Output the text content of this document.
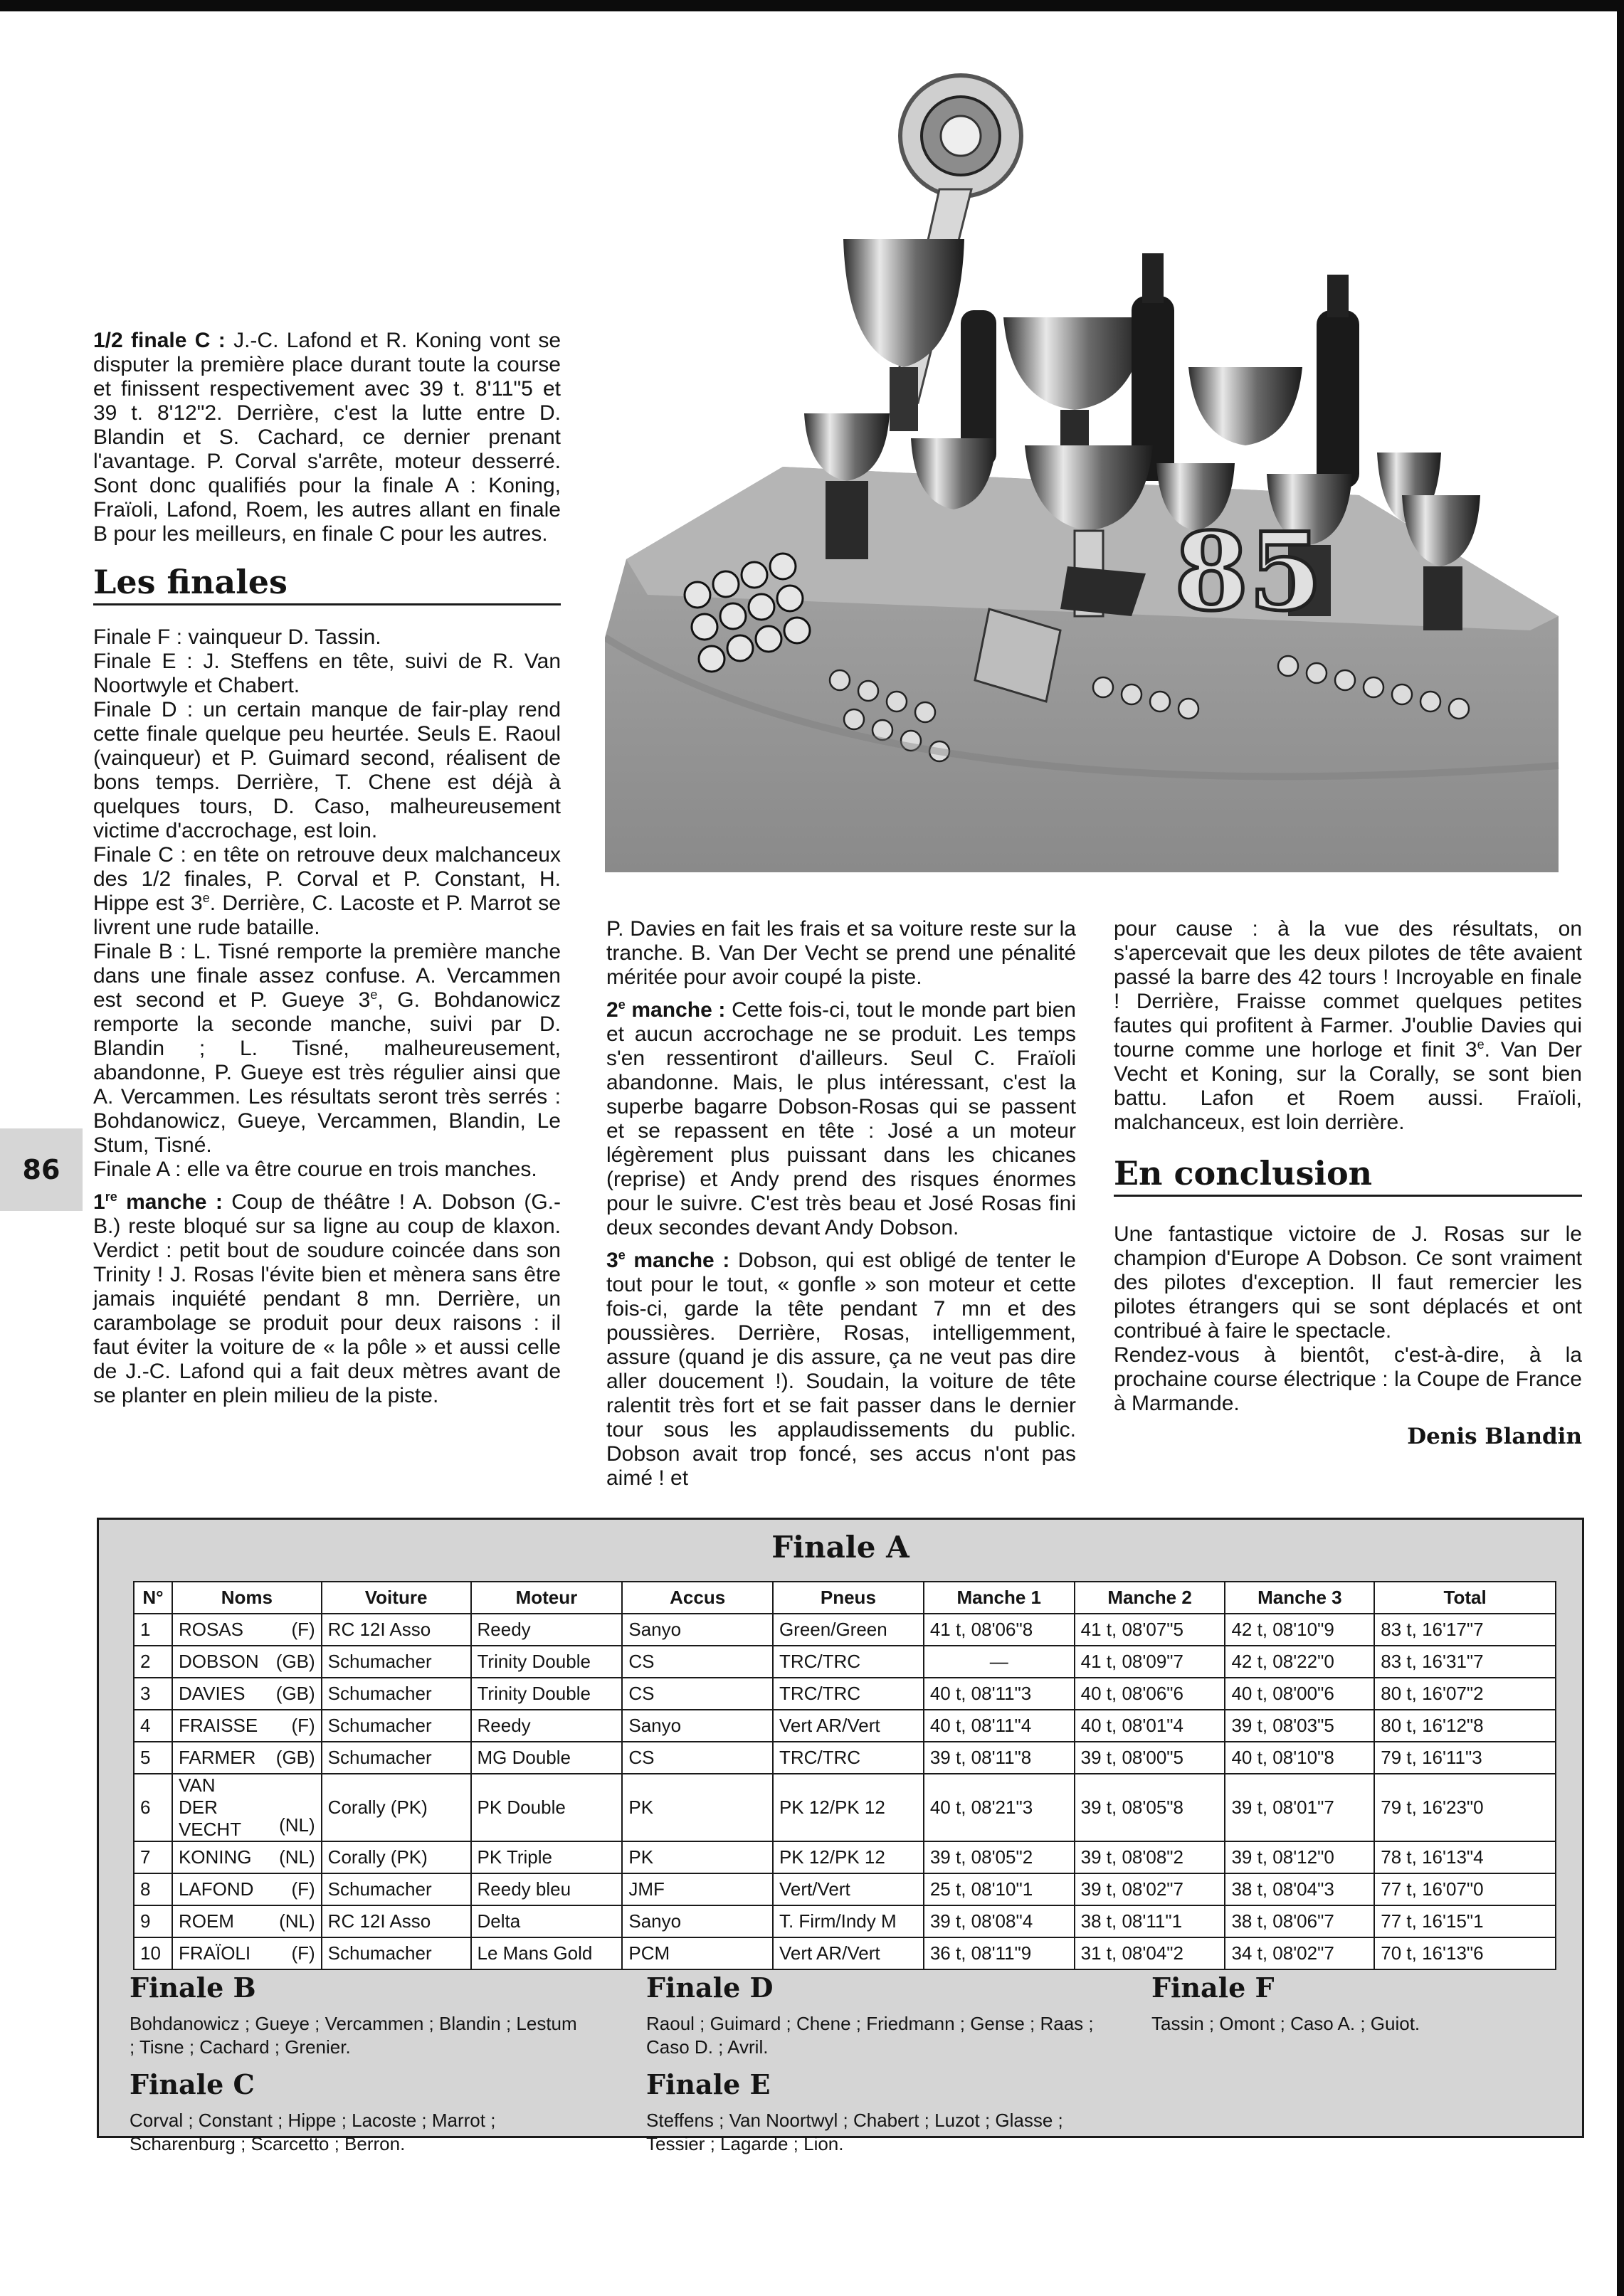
85
86

1/2 finale C : J.-C. Lafond et R. Koning vont se disputer la première place durant toute la course et finissent respectivement avec 39 t. 8'11"5 et 39 t. 8'12"2. Derrière, c'est la lutte entre D. Blandin et S. Cachard, ce dernier prenant l'avantage. P. Corval s'arrête, moteur desserré. Sont donc qualifiés pour la finale A : Koning, Fraïoli, Lafond, Roem, les autres allant en finale B pour les meilleurs, en finale C pour les autres.

Les finales

Finale F : vainqueur D. Tassin.

Finale E : J. Steffens en tête, suivi de R. Van Noortwyle et Chabert.

Finale D : un certain manque de fair-play rend cette finale quelque peu heurtée. Seuls E. Raoul (vainqueur) et P. Guimard second, réalisent de bons temps. Derrière, T. Chene est déjà à quelques tours, D. Caso, malheureusement victime d'accrochage, est loin.

Finale C : en tête on retrouve deux malchanceux des 1/2 finales, P. Corval et P. Constant, H. Hippe est 3e. Derrière, C. Lacoste et P. Marrot se livrent une rude bataille.

Finale B : L. Tisné remporte la première manche dans une finale assez confuse. A. Vercammen est second et P. Gueye 3e, G. Bohdanowicz remporte la seconde manche, suivi par D. Blandin ; L. Tisné, malheureusement, abandonne, P. Gueye est très régulier ainsi que A. Vercammen. Les résultats seront très serrés : Bohdanowicz, Gueye, Vercammen, Blandin, Le Stum, Tisné.

Finale A : elle va être courue en trois manches.

1re manche : Coup de théâtre ! A. Dobson (G.-B.) reste bloqué sur sa ligne au coup de klaxon. Verdict : petit bout de soudure coincée dans son Trinity ! J. Rosas l'évite bien et mènera sans être jamais inquiété pendant 8 mn. Derrière, un carambolage se produit pour deux raisons : il faut éviter la voiture de « la pôle » et aussi celle de J.-C. Lafond qui a fait deux mètres avant de se planter en plein milieu de la piste.

P. Davies en fait les frais et sa voiture reste sur la tranche. B. Van Der Vecht se prend une pénalité méritée pour avoir coupé la piste.

2e manche : Cette fois-ci, tout le monde part bien et aucun accrochage ne se produit. Les temps s'en ressentiront d'ailleurs. Seul C. Fraïoli abandonne. Mais, le plus intéressant, c'est la superbe bagarre Dobson-Rosas qui se passent et se repassent en tête : José a un moteur légèrement plus puissant dans les chicanes (reprise) et Andy prend des risques énormes pour le suivre. C'est très beau et José Rosas fini deux secondes devant Andy Dobson.

3e manche : Dobson, qui est obligé de tenter le tout pour le tout, « gonfle » son moteur et cette fois-ci, garde la tête pendant 7 mn et des poussières. Derrière, Rosas, intelligemment, assure (quand je dis assure, ça ne veut pas dire aller doucement !). Soudain, la voiture de tête ralentit très fort et se fait passer dans le dernier tour sous les applaudissements du public. Dobson avait trop foncé, ses accus n'ont pas aimé ! et

pour cause : à la vue des résultats, on s'apercevait que les deux pilotes de tête avaient passé la barre des 42 tours ! Incroyable en finale ! Derrière, Fraisse commet quelques petites fautes qui profitent à Farmer. J'oublie Davies qui tourne comme une horloge et finit 3e. Van Der Vecht et Koning, sur la Corally, se sont bien battu. Lafon et Roem aussi. Fraïoli, malchanceux, est loin derrière.

En conclusion

Une fantastique victoire de J. Rosas sur le champion d'Europe A Dobson. Ce sont vraiment des pilotes d'exception. Il faut remercier les pilotes étrangers qui se sont déplacés et ont contribué à faire le spectacle.

Rendez-vous à bientôt, c'est-à-dire, à la prochaine course électrique : la Coupe de France à Marmande.

Denis Blandin

Finale A
N°	Noms	Voiture	Moteur	Accus	Pneus	Manche 1	Manche 2	Manche 3	Total
1	ROSAS (F)	RC 12I Asso	Reedy	Sanyo	Green/Green	41 t, 08'06"8	41 t, 08'07"5	42 t, 08'10"9	83 t, 16'17"7
2	DOBSON (GB)	Schumacher	Trinity Double	CS	TRC/TRC	—	41 t, 08'09"7	42 t, 08'22"0	83 t, 16'31"7
3	DAVIES (GB)	Schumacher	Trinity Double	CS	TRC/TRC	40 t, 08'11"3	40 t, 08'06"6	40 t, 08'00"6	80 t, 16'07"2
4	FRAISSE (F)	Schumacher	Reedy	Sanyo	Vert AR/Vert	40 t, 08'11"4	40 t, 08'01"4	39 t, 08'03"5	80 t, 16'12"8
5	FARMER (GB)	Schumacher	MG Double	CS	TRC/TRC	39 t, 08'11"8	39 t, 08'00"5	40 t, 08'10"8	79 t, 16'11"3
6	VAN DER VECHT (NL)	Corally (PK)	PK Double	PK	PK 12/PK 12	40 t, 08'21"3	39 t, 08'05"8	39 t, 08'01"7	79 t, 16'23"0
7	KONING (NL)	Corally (PK)	PK Triple	PK	PK 12/PK 12	39 t, 08'05"2	39 t, 08'08"2	39 t, 08'12"0	78 t, 16'13"4
8	LAFOND (F)	Schumacher	Reedy bleu	JMF	Vert/Vert	25 t, 08'10"1	39 t, 08'02"7	38 t, 08'04"3	77 t, 16'07"0
9	ROEM (NL)	RC 12I Asso	Delta	Sanyo	T. Firm/Indy M	39 t, 08'08"4	38 t, 08'11"1	38 t, 08'06"7	77 t, 16'15"1
10	FRAÏOLI (F)	Schumacher	Le Mans Gold	PCM	Vert AR/Vert	36 t, 08'11"9	31 t, 08'04"2	34 t, 08'02"7	70 t, 16'13"6
Finale B

Bohdanowicz ; Gueye ; Vercammen ; Blandin ; Lestum ; Tisne ; Cachard ; Grenier.

Finale C

Corval ; Constant ; Hippe ; Lacoste ; Marrot ; Scharenburg ; Scarcetto ; Berron.

Finale D

Raoul ; Guimard ; Chene ; Friedmann ; Gense ; Raas ; Caso D. ; Avril.

Finale E

Steffens ; Van Noortwyl ; Chabert ; Luzot ; Glasse ; Tessier ; Lagarde ; Lion.

Finale F

Tassin ; Omont ; Caso A. ; Guiot.
